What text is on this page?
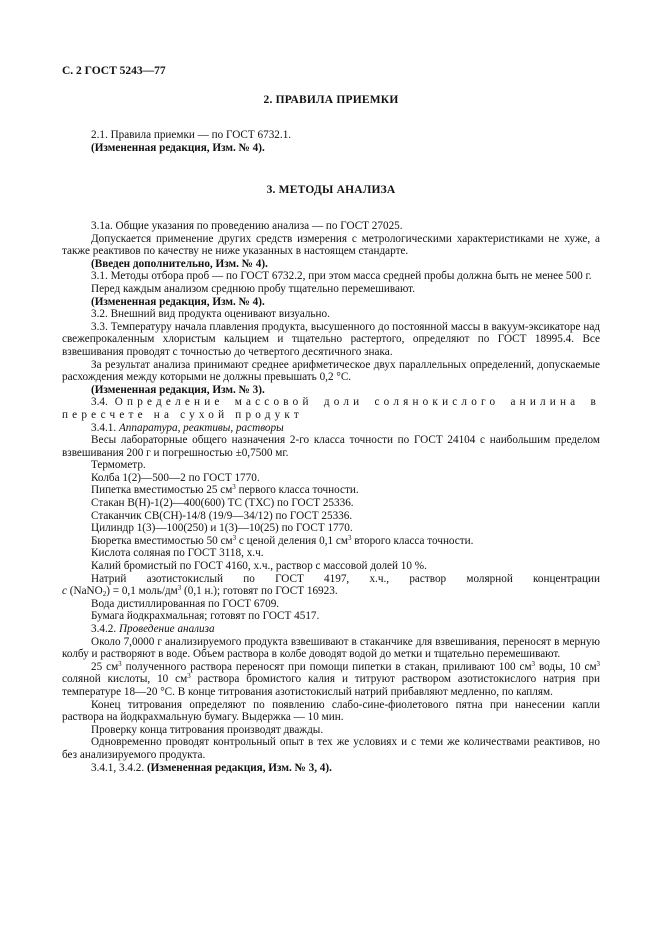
С. 2 ГОСТ 5243—77
2. ПРАВИЛА ПРИЕМКИ

2.1. Правила приемки — по ГОСТ 6732.1.

(Измененная редакция, Изм. № 4).

3. МЕТОДЫ АНАЛИЗА

3.1а. Общие указания по проведению анализа — по ГОСТ 27025.

Допускается применение других средств измерения с метрологическими характеристиками не хуже, а также реактивов по качеству не ниже указанных в настоящем стандарте.

(Введен дополнительно, Изм. № 4).

3.1. Методы отбора проб — по ГОСТ 6732.2, при этом масса средней пробы должна быть не менее 500 г.

Перед каждым анализом среднюю пробу тщательно перемешивают.

(Измененная редакция, Изм. № 4).

3.2. Внешний вид продукта оценивают визуально.

3.3. Температуру начала плавления продукта, высушенного до постоянной массы в вакуум-эксикаторе над свежепрокаленным хлористым кальцием и тщательно растертого, определяют по ГОСТ 18995.4. Все взвешивания проводят с точностью до четвертого десятичного знака.

За результат анализа принимают среднее арифметическое двух параллельных определений, допускаемые расхождения между которыми не должны превышать 0,2 °С.

(Измененная редакция, Изм. № 3).

3.4. Определение массовой доли солянокислого анилина в

пересчете на сухой продукт

3.4.1. Аппаратура, реактивы, растворы

Весы лабораторные общего назначения 2-го класса точности по ГОСТ 24104 с наибольшим пределом взвешивания 200 г и погрешностью ±0,7500 мг.

Термометр.

Колба 1(2)—500—2 по ГОСТ 1770.

Пипетка вместимостью 25 $см^3$ первого класса точности.

Стакан В(Н)-1(2)—400(600) ТС (ТХС) по ГОСТ 25336.

Стаканчик СВ(СН)-14/8 (19/9—34/12) по ГОСТ 25336.

Цилиндр 1(3)—100(250) и 1(3)—10(25) по ГОСТ 1770.

Бюретка вместимостью 50 $см^3$ с ценой деления 0,1 $см^3$ второго класса точности.

Кислота соляная по ГОСТ 3118, х.ч.

Калий бромистый по ГОСТ 4160, х.ч., раствор с массовой долей 10 %.

Натрий азотистокислый по ГОСТ 4197, х.ч., раствор молярной концентрации

c (NaNO$_2$) = 0,1 моль/$дм^3$ (0,1 н.); готовят по ГОСТ 16923.

Вода дистиллированная по ГОСТ 6709.

Бумага йодкрахмальная; готовят по ГОСТ 4517.

3.4.2. Проведение анализа

Около 7,0000 г анализируемого продукта взвешивают в стаканчике для взвешивания, переносят в мерную колбу и растворяют в воде. Объем раствора в колбе доводят водой до метки и тщательно перемешивают.

25 $см^3$ полученного раствора переносят при помощи пипетки в стакан, приливают 100 $см^3$ воды, 10 $см^3$ соляной кислоты, 10 $см^3$ раствора бромистого калия и титруют раствором азотистокислого натрия при температуре 18—20 °С. В конце титрования азотистокислый натрий прибавляют медленно, по каплям.

Конец титрования определяют по появлению слабо-сине-фиолетового пятна при нанесении капли раствора на йодкрахмальную бумагу. Выдержка — 10 мин.

Проверку конца титрования производят дважды.

Одновременно проводят контрольный опыт в тех же условиях и с теми же количествами реактивов, но без анализируемого продукта.

3.4.1, 3.4.2. (Измененная редакция, Изм. № 3, 4).
